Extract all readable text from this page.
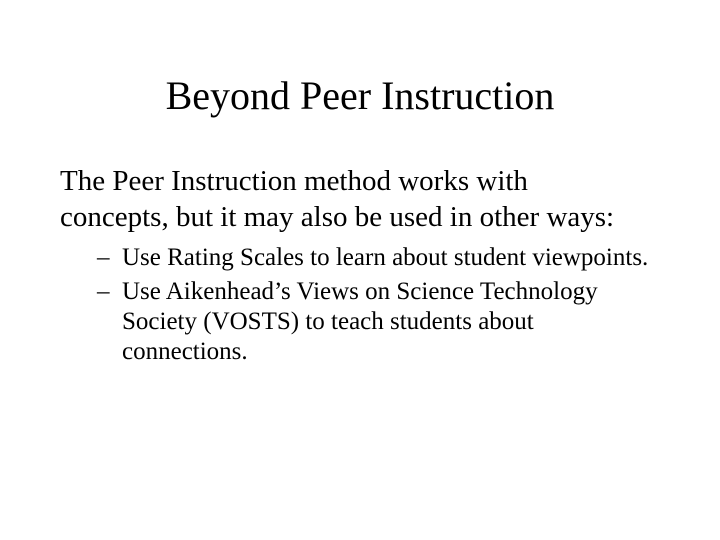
Beyond Peer Instruction

The Peer Instruction method works with concepts, but it may also be used in other ways:

– Use Rating Scales to learn about student viewpoints.
– Use Aikenhead’s Views on Science Technology Society (VOSTS) to teach students about connections.
